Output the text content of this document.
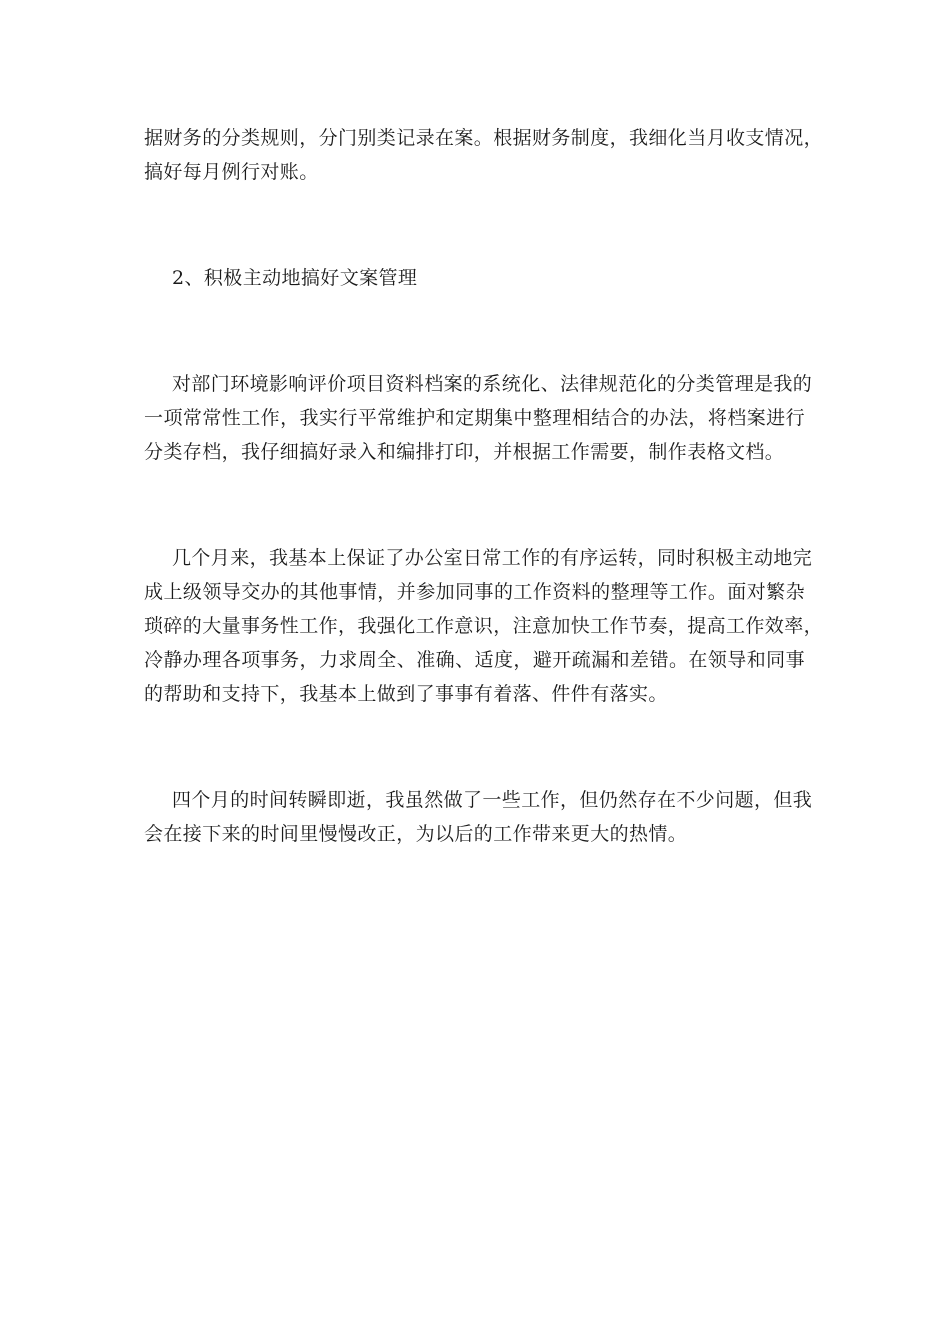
据财务的分类规则，分门别类记录在案。根据财务制度，我细化当月收支情况，
搞好每月例行对账。
2、积极主动地搞好文案管理
对部门环境影响评价项目资料档案的系统化、法律规范化的分类管理是我的
一项常常性工作，我实行平常维护和定期集中整理相结合的办法，将档案进行
分类存档，我仔细搞好录入和编排打印，并根据工作需要，制作表格文档。
几个月来，我基本上保证了办公室日常工作的有序运转，同时积极主动地完
成上级领导交办的其他事情，并参加同事的工作资料的整理等工作。面对繁杂
琐碎的大量事务性工作，我强化工作意识，注意加快工作节奏，提高工作效率，
冷静办理各项事务，力求周全、准确、适度，避开疏漏和差错。在领导和同事
的帮助和支持下，我基本上做到了事事有着落、件件有落实。
四个月的时间转瞬即逝，我虽然做了一些工作，但仍然存在不少问题，但我
会在接下来的时间里慢慢改正，为以后的工作带来更大的热情。
